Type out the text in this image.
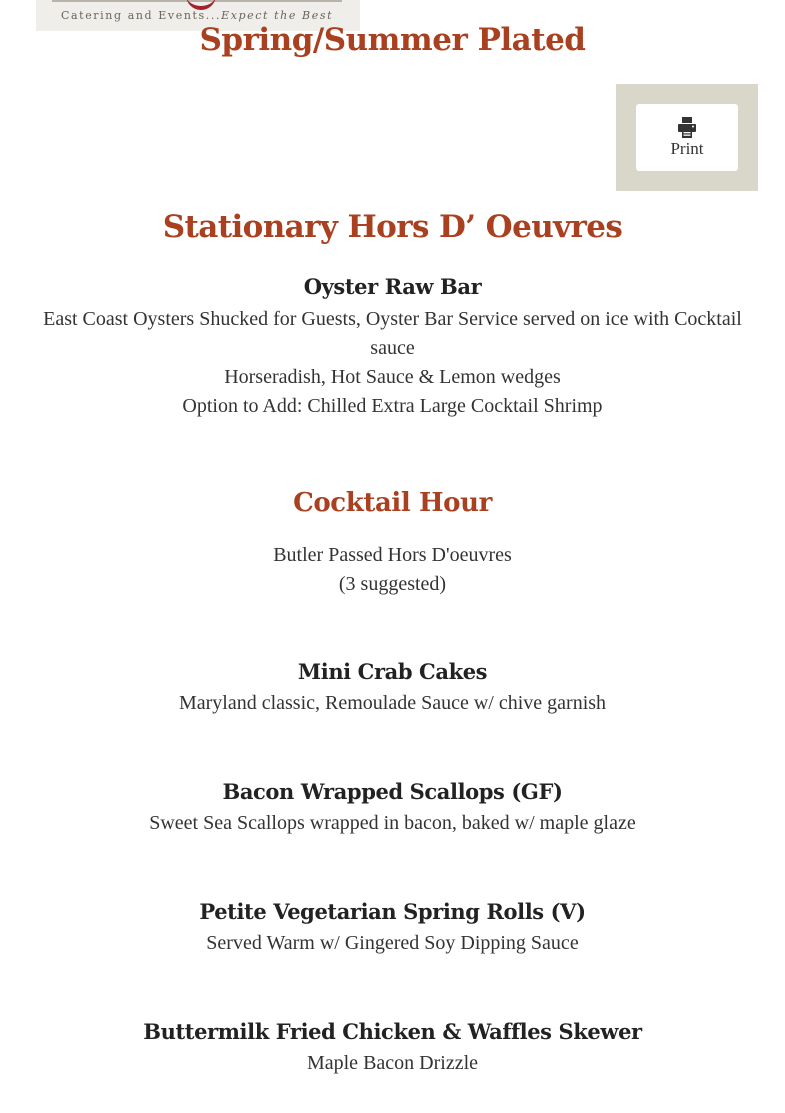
Catering and Events...Expect the Best
Spring/Summer Plated
Print
Stationary Hors D’ Oeuvres
Oyster Raw Bar
East Coast Oysters Shucked for Guests, Oyster Bar Service served on ice with Cocktail sauce
Horseradish, Hot Sauce & Lemon wedges
Option to Add: Chilled Extra Large Cocktail Shrimp
Cocktail Hour
Butler Passed Hors D'oeuvres
(3 suggested)
Mini Crab Cakes
Maryland classic, Remoulade Sauce w/ chive garnish
Bacon Wrapped Scallops (GF)
Sweet Sea Scallops wrapped in bacon, baked w/ maple glaze
Petite Vegetarian Spring Rolls (V)
Served Warm w/ Gingered Soy Dipping Sauce
Buttermilk Fried Chicken & Waffles Skewer
Maple Bacon Drizzle
